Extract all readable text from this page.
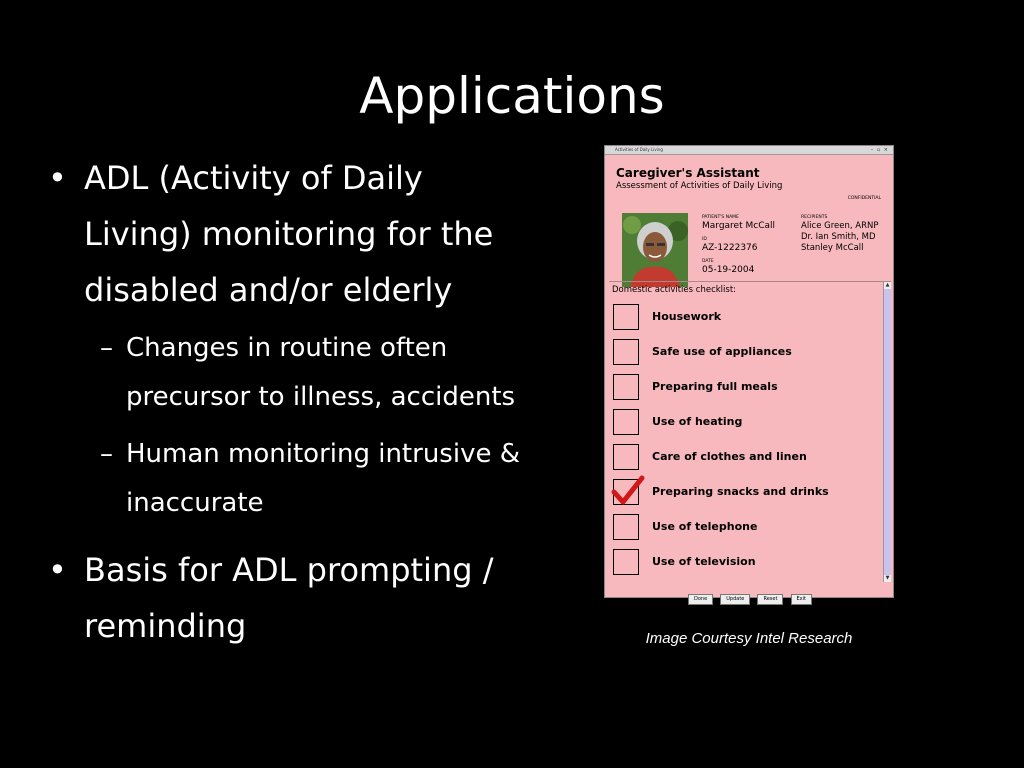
Applications
• ADL (Activity of Daily Living) monitoring for the disabled and/or elderly
– Changes in routine often precursor to illness, accidents
– Human monitoring intrusive & inaccurate
• Basis for ADL prompting / reminding
Activities of Daily Living	– ▫ ×
Caregiver's Assistant
Assessment of Activities of Daily Living
CONFIDENTIAL
PATIENT'S NAME
Margaret McCall
ID
AZ-1222376
DATE
05-19-2004
RECIPIENTS
Alice Green, ARNP
Dr. Ian Smith, MD
Stanley McCall
Domestic activities checklist:
Housework
Safe use of appliances
Preparing full meals
Use of heating
Care of clothes and linen
Preparing snacks and drinks
Use of telephone
Use of television
▲
▼
Done	Update	Reset	Exit
Image Courtesy Intel Research
